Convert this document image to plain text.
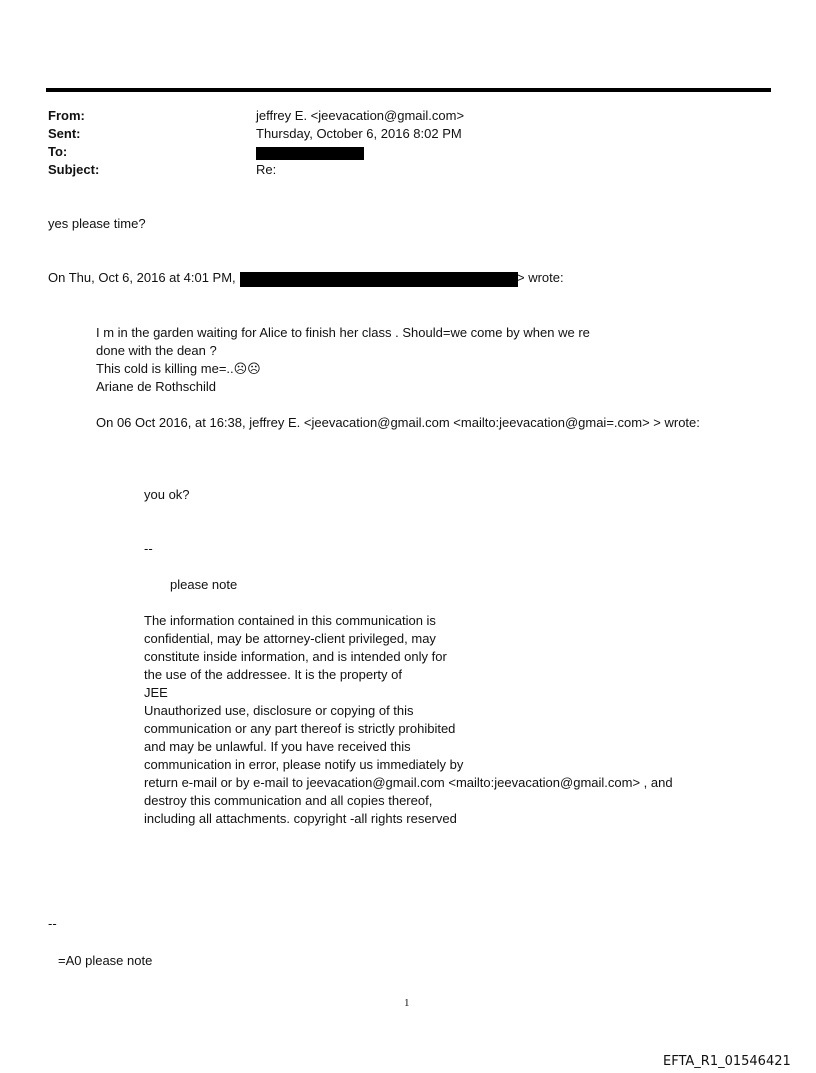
From:	jeffrey E. <jeevacation@gmail.com>
Sent:	Thursday, October 6, 2016 8:02 PM
To:
Subject:	Re:
yes please time?
On Thu, Oct 6, 2016 at 4:01 PM,	> wrote:
I m in the garden waiting for Alice to finish her class . Should=we come by when we re
done with the dean ?
This cold is killing me=..☹☹
Ariane de Rothschild
On 06 Oct 2016, at 16:38, jeffrey E. <jeevacation@gmail.com <mailto:jeevacation@gmai=.com> > wrote:
you ok?
--
please note
The information contained in this communication is
confidential, may be attorney-client privileged, may
constitute inside information, and is intended only for
the use of the addressee. It is the property of
JEE
Unauthorized use, disclosure or copying of this
communication or any part thereof is strictly prohibited
and may be unlawful. If you have received this
communication in error, please notify us immediately by
return e-mail or by e-mail to jeevacation@gmail.com <mailto:jeevacation@gmail.com> , and
destroy this communication and all copies thereof,
including all attachments. copyright -all rights reserved
--
=A0 please note
1
EFTA_R1_01546421
